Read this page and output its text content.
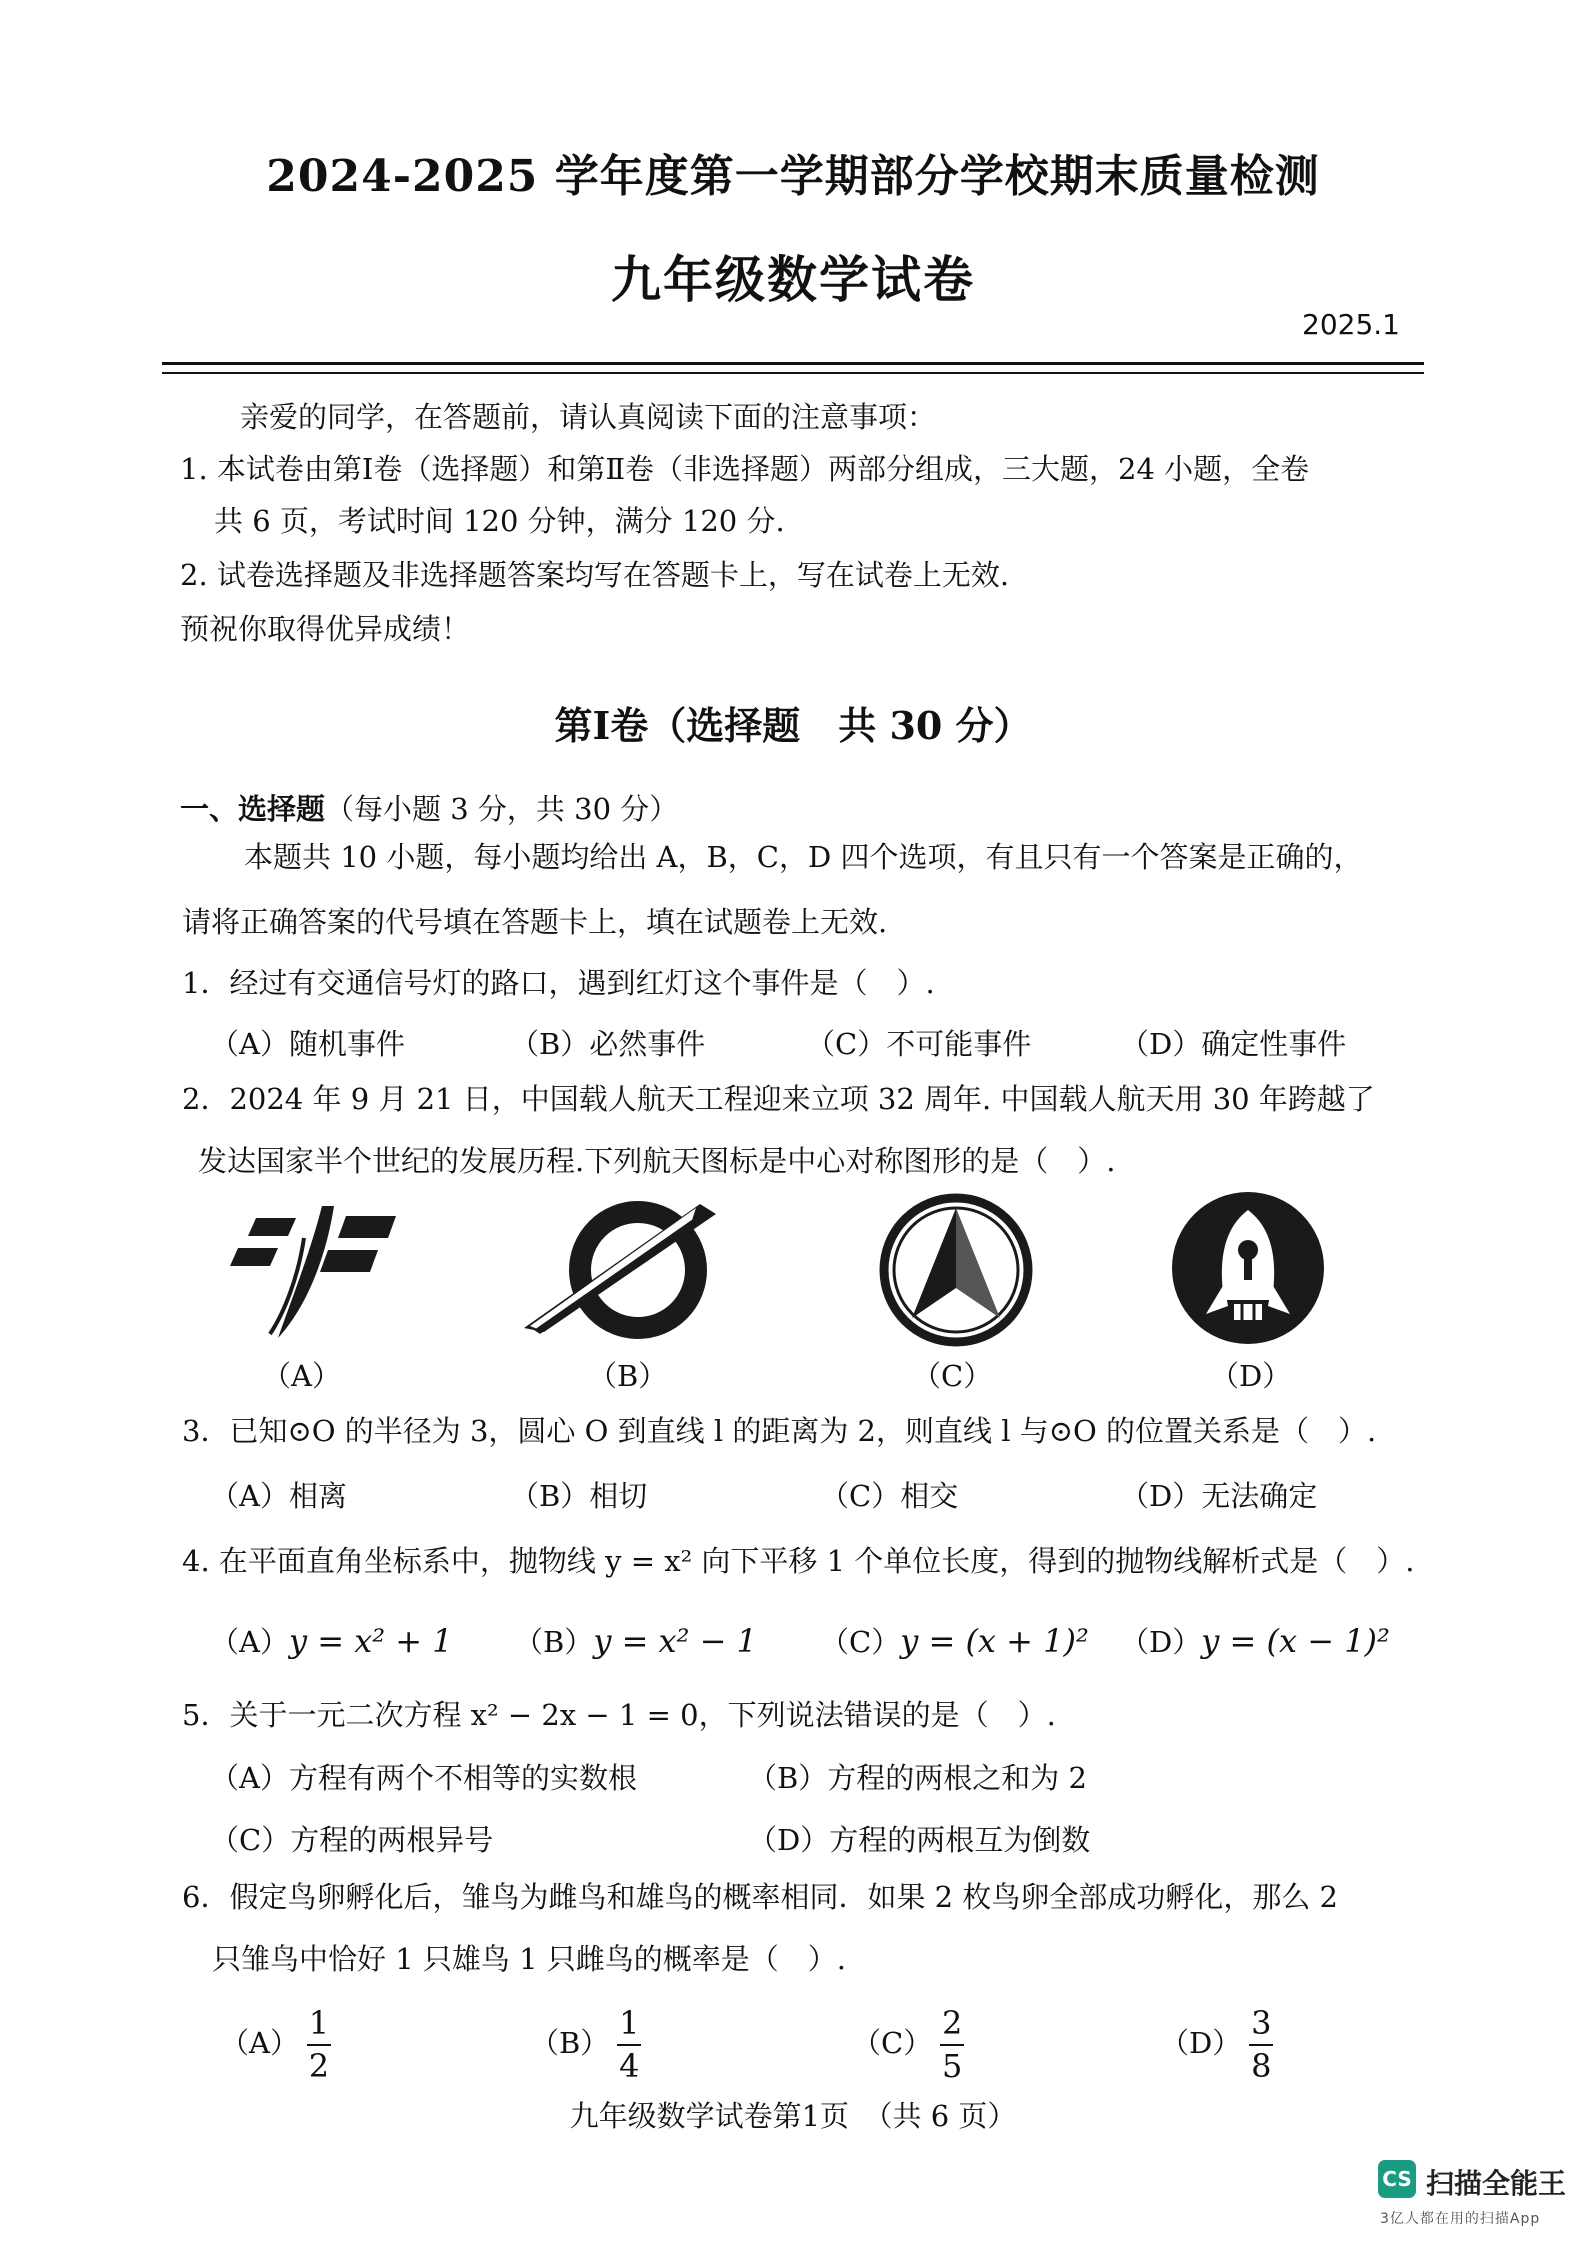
2024-2025 学年度第一学期部分学校期末质量检测
九年级数学试卷
2025.1
亲爱的同学，在答题前，请认真阅读下面的注意事项：
1. 本试卷由第Ⅰ卷（选择题）和第Ⅱ卷（非选择题）两部分组成，三大题，24 小题，全卷
共 6 页，考试时间 120 分钟，满分 120 分.
2. 试卷选择题及非选择题答案均写在答题卡上，写在试卷上无效.
预祝你取得优异成绩！
第Ⅰ卷（选择题　共 30 分）
一、选择题（每小题 3 分，共 30 分）
本题共 10 小题，每小题均给出 A，B，C，D 四个选项，有且只有一个答案是正确的，
请将正确答案的代号填在答题卡上，填在试题卷上无效.
1．经过有交通信号灯的路口，遇到红灯这个事件是（　）.
（A）随机事件	（B）必然事件	（C）不可能事件	（D）确定性事件
2．2024 年 9 月 21 日，中国载人航天工程迎来立项 32 周年. 中国载人航天用 30 年跨越了
发达国家半个世纪的发展历程.下列航天图标是中心对称图形的是（　）.
（A）	（B）	（C）	（D）
3．已知⊙O 的半径为 3，圆心 O 到直线 l 的距离为 2，则直线 l 与⊙O 的位置关系是（　）.
（A）相离	（B）相切	（C）相交	（D）无法确定
4. 在平面直角坐标系中，抛物线 y = x² 向下平移 1 个单位长度，得到的抛物线解析式是（　）.
（A）y = x² + 1 （B）y = x² − 1 （C）y = (x + 1)² （D）y = (x − 1)²
5．关于一元二次方程 x² − 2x − 1 = 0，下列说法错误的是（　）.
（A）方程有两个不相等的实数根	（B）方程的两根之和为 2
（C）方程的两根异号	（D）方程的两根互为倒数
6．假定鸟卵孵化后，雏鸟为雌鸟和雄鸟的概率相同．如果 2 枚鸟卵全部成功孵化，那么 2
只雏鸟中恰好 1 只雄鸟 1 只雌鸟的概率是（　）.
$(A) \frac{1}{2}$	$(B) \frac{1}{4}$	$(C) \frac{2}{5}$	$(D) \frac{3}{8}$
九年级数学试卷第1页　（共 6 页）
CS 扫描全能王
3亿人都在用的扫描App
